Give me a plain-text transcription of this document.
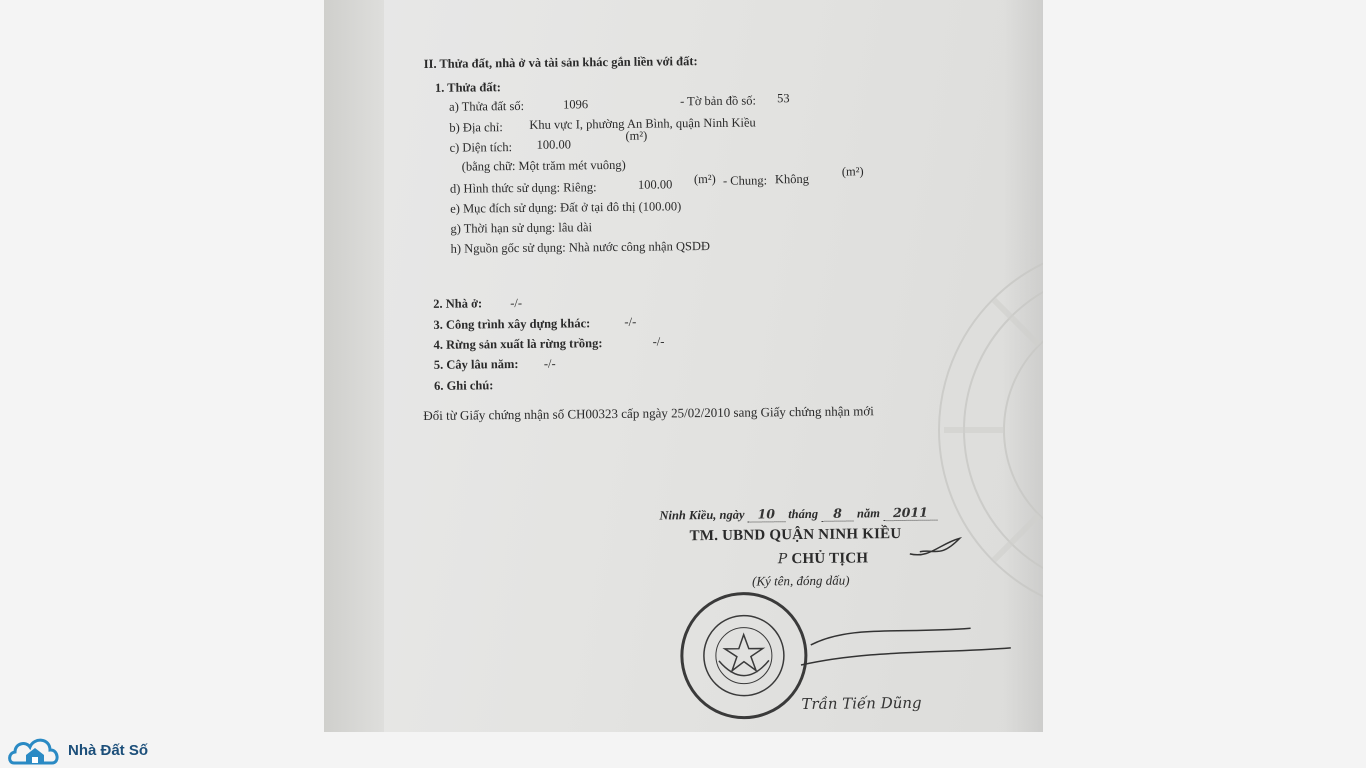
II. Thửa đất, nhà ở và tài sản khác gắn liền với đất:
1. Thửa đất:
a) Thửa đất số:	1096	- Tờ bản đồ số: 53
b) Địa chỉ: Khu vực I, phường An Bình, quận Ninh Kiều
c) Diện tích: 100.00
(m²)
(bằng chữ: Một trăm mét vuông)
d) Hình thức sử dụng: Riêng:	100.00 (m²) - Chung: Không
(m²)
e) Mục đích sử dụng: Đất ở tại đô thị (100.00)
g) Thời hạn sử dụng: lâu dài
h) Nguồn gốc sử dụng: Nhà nước công nhận QSDĐ
2. Nhà ở: -/-
3. Công trình xây dựng khác:	-/-
4. Rừng sản xuất là rừng trồng:	-/-
5. Cây lâu năm: -/-
6. Ghi chú:
Đổi từ Giấy chứng nhận số CH00323 cấp ngày 25/02/2010 sang Giấy chứng nhận mới
Ninh Kiều, ngày 10 tháng 8 năm 2011
TM. UBND QUẬN NINH KIỀU
P CHỦ TỊCH
(Ký tên, đóng dấu)
Trần Tiến Dũng
Nhà Đất Số
